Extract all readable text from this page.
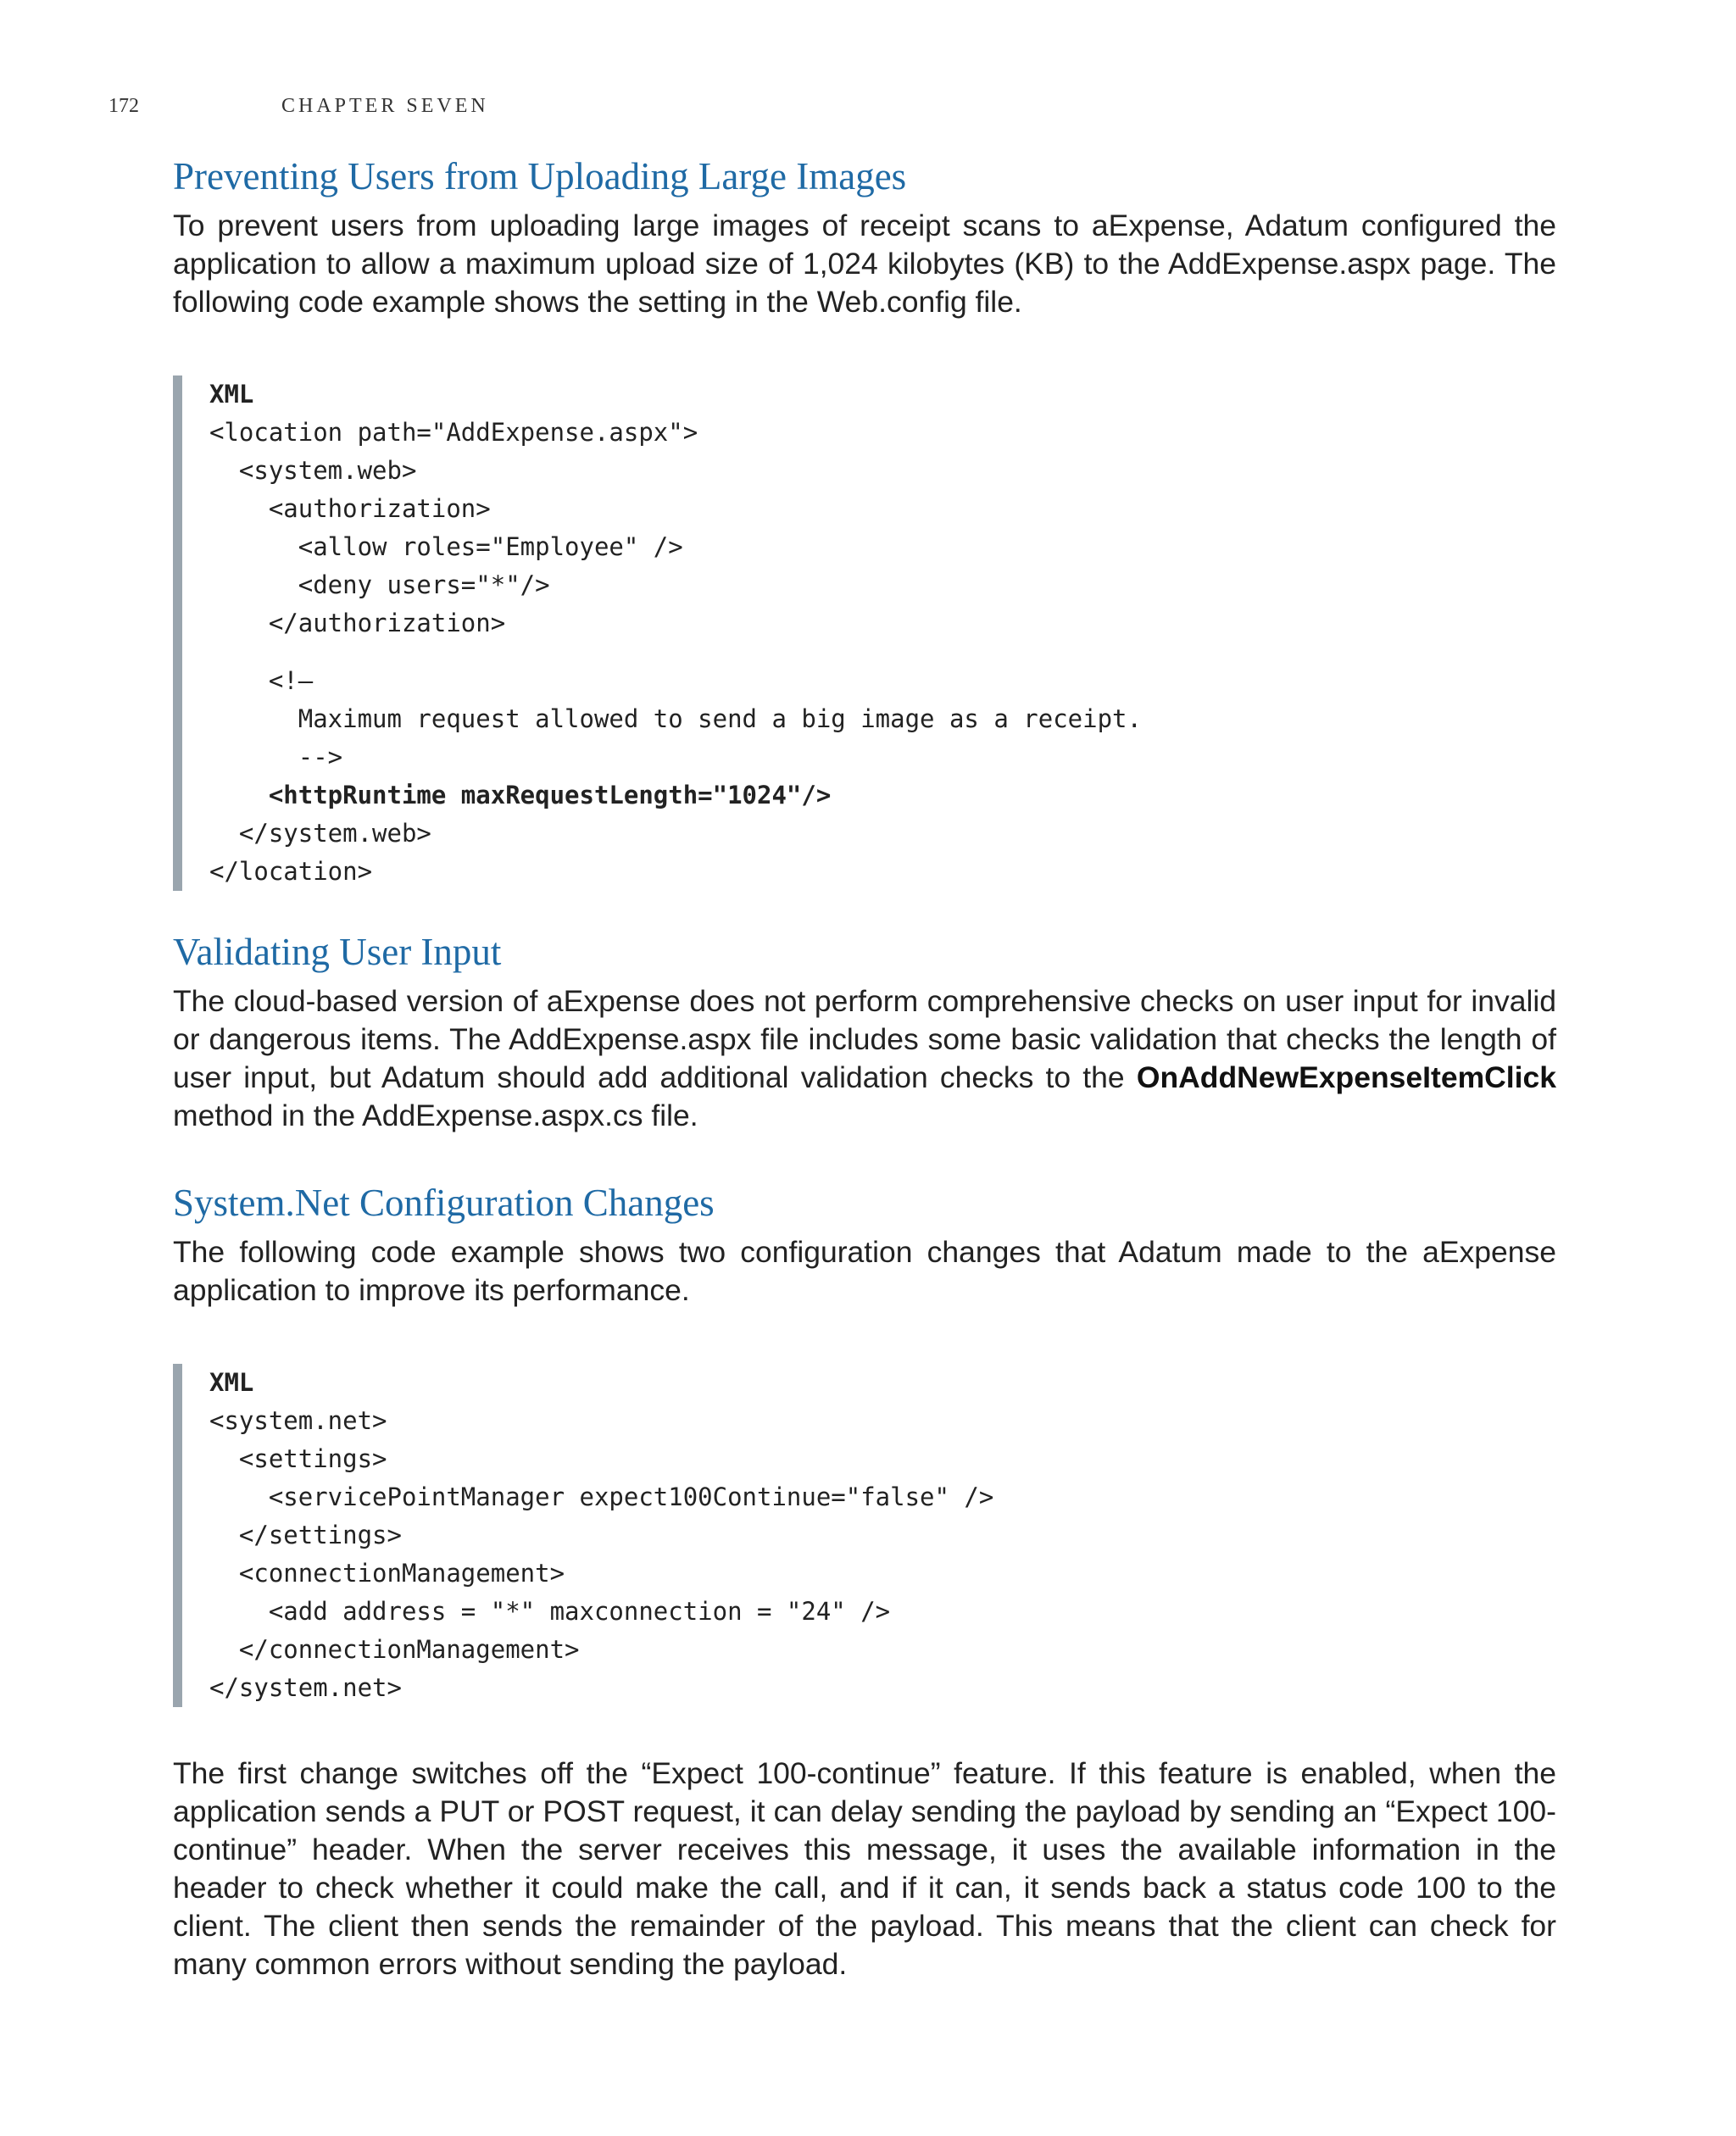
172	CHAPTER SEVEN
Preventing Users from Uploading Large Images

To prevent users from uploading large images of receipt scans to aExpense, Adatum configured the application to allow a maximum upload size of 1,024 kilobytes (KB) to the AddExpense.aspx page. The following code example shows the setting in the Web.config file.

XML
<location path="AddExpense.aspx">
<system.web>
<authorization>
<allow roles="Employee" />
<deny users="*"/>
</authorization>
<!—
Maximum request allowed to send a big image as a receipt.
-->
<httpRuntime maxRequestLength="1024"/>
</system.web>
</location>
Validating User Input

The cloud-based version of aExpense does not perform comprehensive checks on user input for invalid or dangerous items. The AddExpense.aspx file includes some basic validation that checks the length of user input, but Adatum should add additional validation checks to the OnAddNewExpenseItemClick method in the AddExpense.aspx.cs file.

System.Net Configuration Changes

The following code example shows two configuration changes that Adatum made to the aExpense application to improve its performance.

XML
<system.net>
<settings>
<servicePointManager expect100Continue="false" />
</settings>
<connectionManagement>
<add address = "*" maxconnection = "24" />
</connectionManagement>
</system.net>

The first change switches off the “Expect 100-continue” feature. If this feature is enabled, when the application sends a PUT or POST request, it can delay sending the payload by sending an “Expect 100-continue” header. When the server receives this message, it uses the available information in the header to check whether it could make the call, and if it can, it sends back a status code 100 to the client. The client then sends the remainder of the payload. This means that the client can check for many common errors without sending the payload.
